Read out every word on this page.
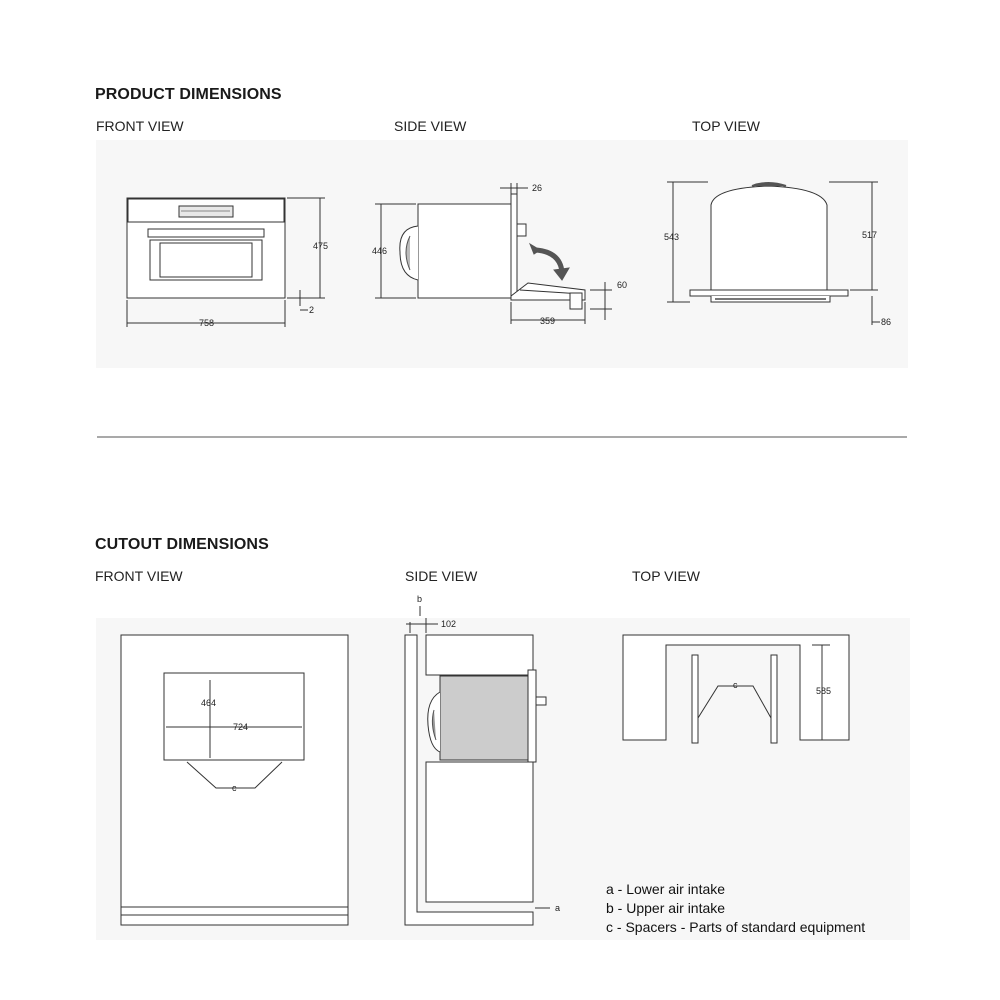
PRODUCT DIMENSIONS
FRONT VIEW	SIDE VIEW	TOP VIEW
CUTOUT DIMENSIONS
FRONT VIEW	SIDE VIEW	TOP VIEW
475
758
2
446
26
359
60
543	517
86
464
724
c
102
b
a
585
c
a - Lower air intake
b - Upper air intake
c - Spacers - Parts of standard equipment
